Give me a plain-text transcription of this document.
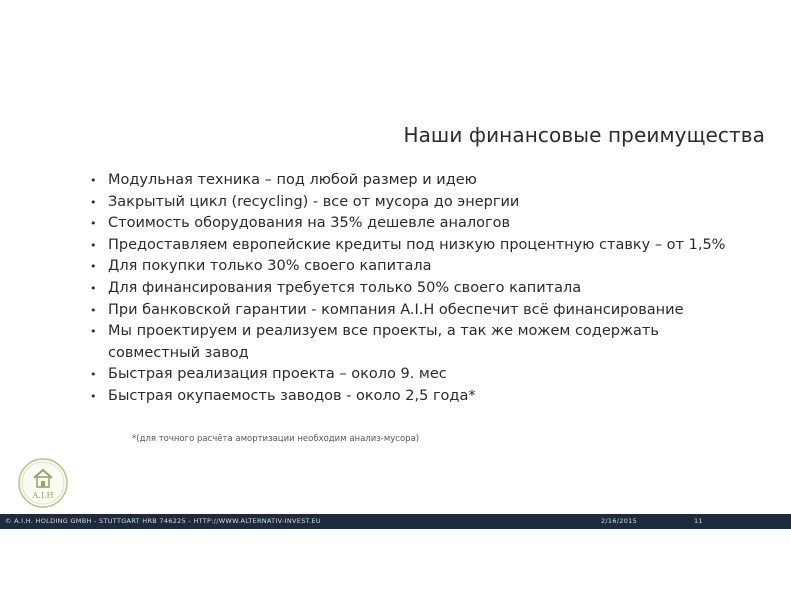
Наши финансовые преимущества
• Модульная техника – под любой размер и идею
• Закрытый цикл (recycling) - все от мусора до энергии
• Стоимость оборудования на 35% дешевле аналогов
• Предоставляем европейские кредиты под низкую процентную ставку – от 1,5%
• Для покупки только 30% своего капитала
• Для финансирования требуется только 50% своего капитала
• При банковской гарантии - компания A.I.H обеспечит всё финансирование
• Мы проектируем и реализуем все проекты, а так же можем содержать совместный завод
• Быстрая реализация проекта – около 9. мес
• Быстрая окупаемость заводов - около 2,5 года*
*(для точного расчёта амортизации необходим анализ-мусора)
A.I.H
© A.I.H. HOLDING GMBH - STUTTGART HRB 746225 - HTTP://WWW.ALTERNATIV-INVEST.EU	2/16/2015	11
